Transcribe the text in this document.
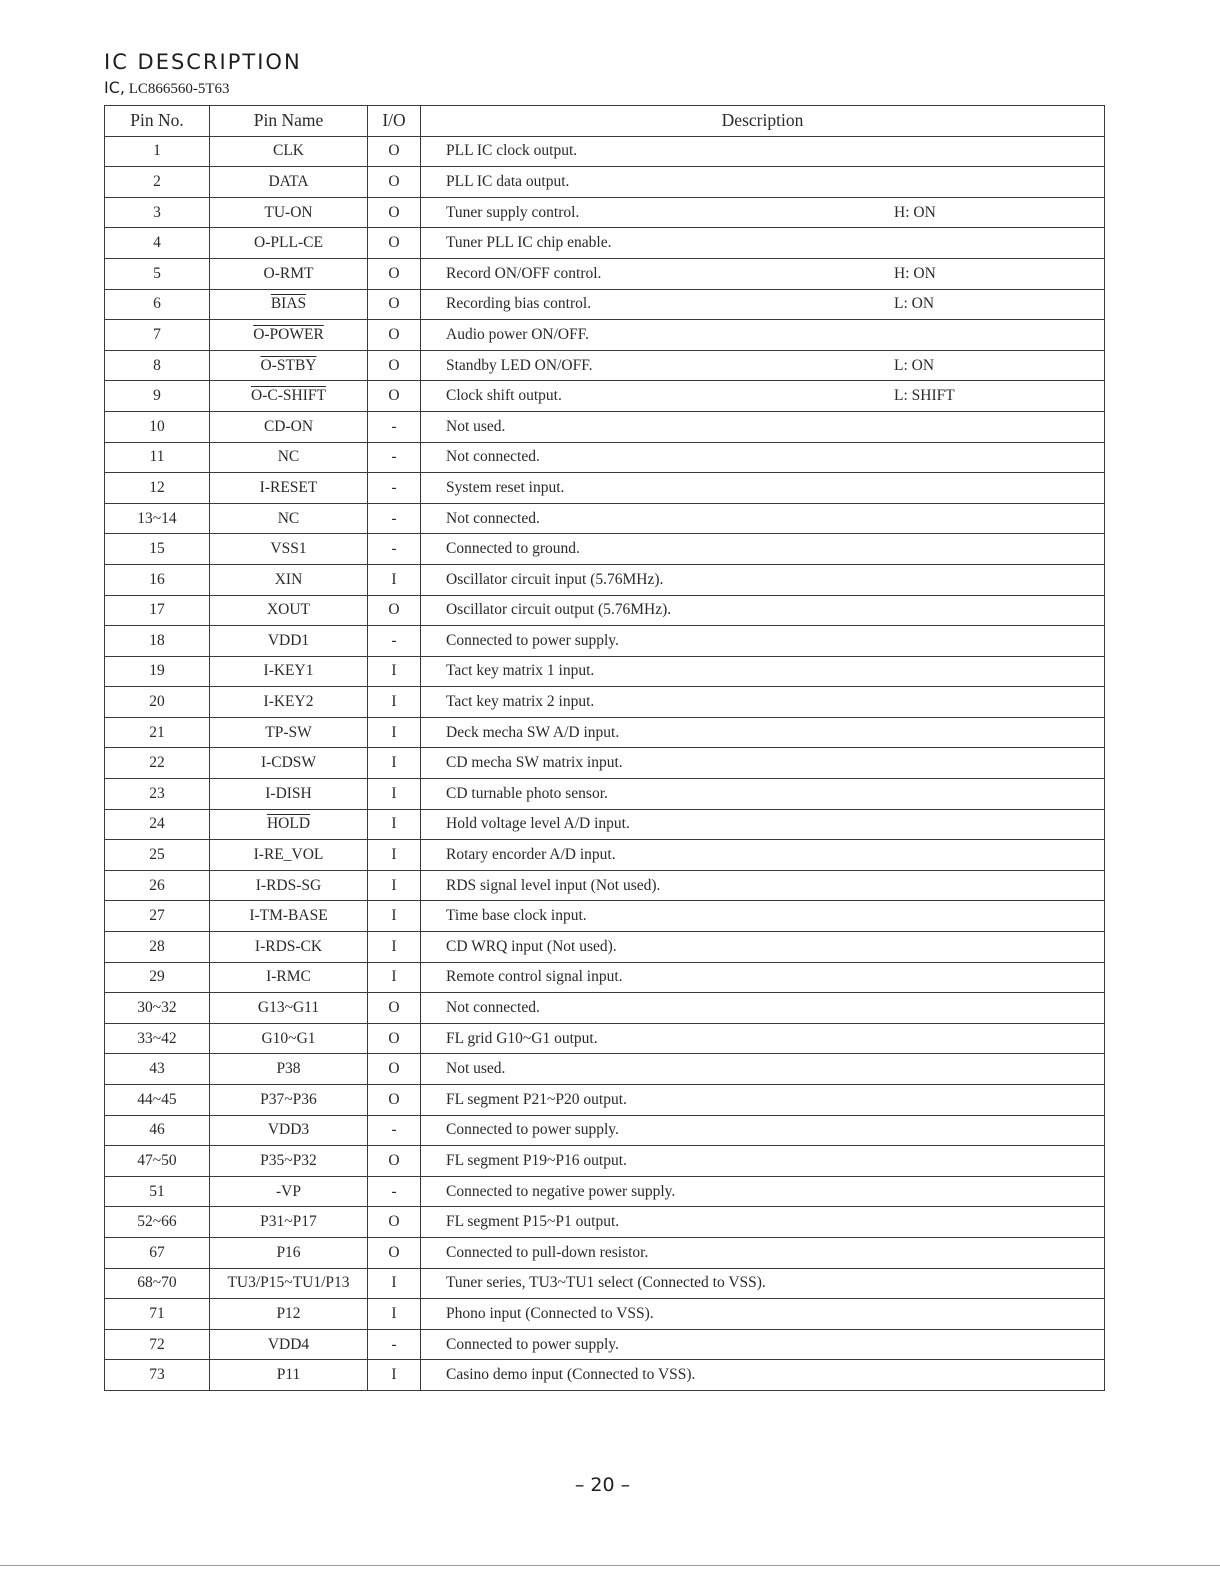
IC DESCRIPTION
IC, LC866560-5T63
Pin No.	Pin Name	I/O	Description
1	CLK	O	PLL IC clock output.
2	DATA	O	PLL IC data output.
3	TU-ON	O	Tuner supply control. H: ON

4	O-PLL-CE	O	Tuner PLL IC chip enable.
5	O-RMT	O	Record ON/OFF control. H: ON

6	BIAS	O	Recording bias control. L: ON

7	O-POWER	O	Audio power ON/OFF.
8	O-STBY	O	Standby LED ON/OFF. L: ON

9	O-C-SHIFT	O	Clock shift output. L: SHIFT

10	CD-ON	-	Not used.
11	NC	-	Not connected.
12	I-RESET	-	System reset input.
13~14	NC	-	Not connected.
15	VSS1	-	Connected to ground.
16	XIN	I	Oscillator circuit input (5.76MHz).
17	XOUT	O	Oscillator circuit output (5.76MHz).
18	VDD1	-	Connected to power supply.
19	I-KEY1	I	Tact key matrix 1 input.
20	I-KEY2	I	Tact key matrix 2 input.
21	TP-SW	I	Deck mecha SW A/D input.
22	I-CDSW	I	CD mecha SW matrix input.
23	I-DISH	I	CD turnable photo sensor.
24	HOLD	I	Hold voltage level A/D input.
25	I-RE_VOL	I	Rotary encorder A/D input.
26	I-RDS-SG	I	RDS signal level input (Not used).
27	I-TM-BASE	I	Time base clock input.
28	I-RDS-CK	I	CD WRQ input (Not used).
29	I-RMC	I	Remote control signal input.
30~32	G13~G11	O	Not connected.
33~42	G10~G1	O	FL grid G10~G1 output.
43	P38	O	Not used.
44~45	P37~P36	O	FL segment P21~P20 output.
46	VDD3	-	Connected to power supply.
47~50	P35~P32	O	FL segment P19~P16 output.
51	-VP	-	Connected to negative power supply.
52~66	P31~P17	O	FL segment P15~P1 output.
67	P16	O	Connected to pull-down resistor.
68~70	TU3/P15~TU1/P13	I	Tuner series, TU3~TU1 select (Connected to VSS).
71	P12	I	Phono input (Connected to VSS).
72	VDD4	-	Connected to power supply.
73	P11	I	Casino demo input (Connected to VSS).
– 20 –
